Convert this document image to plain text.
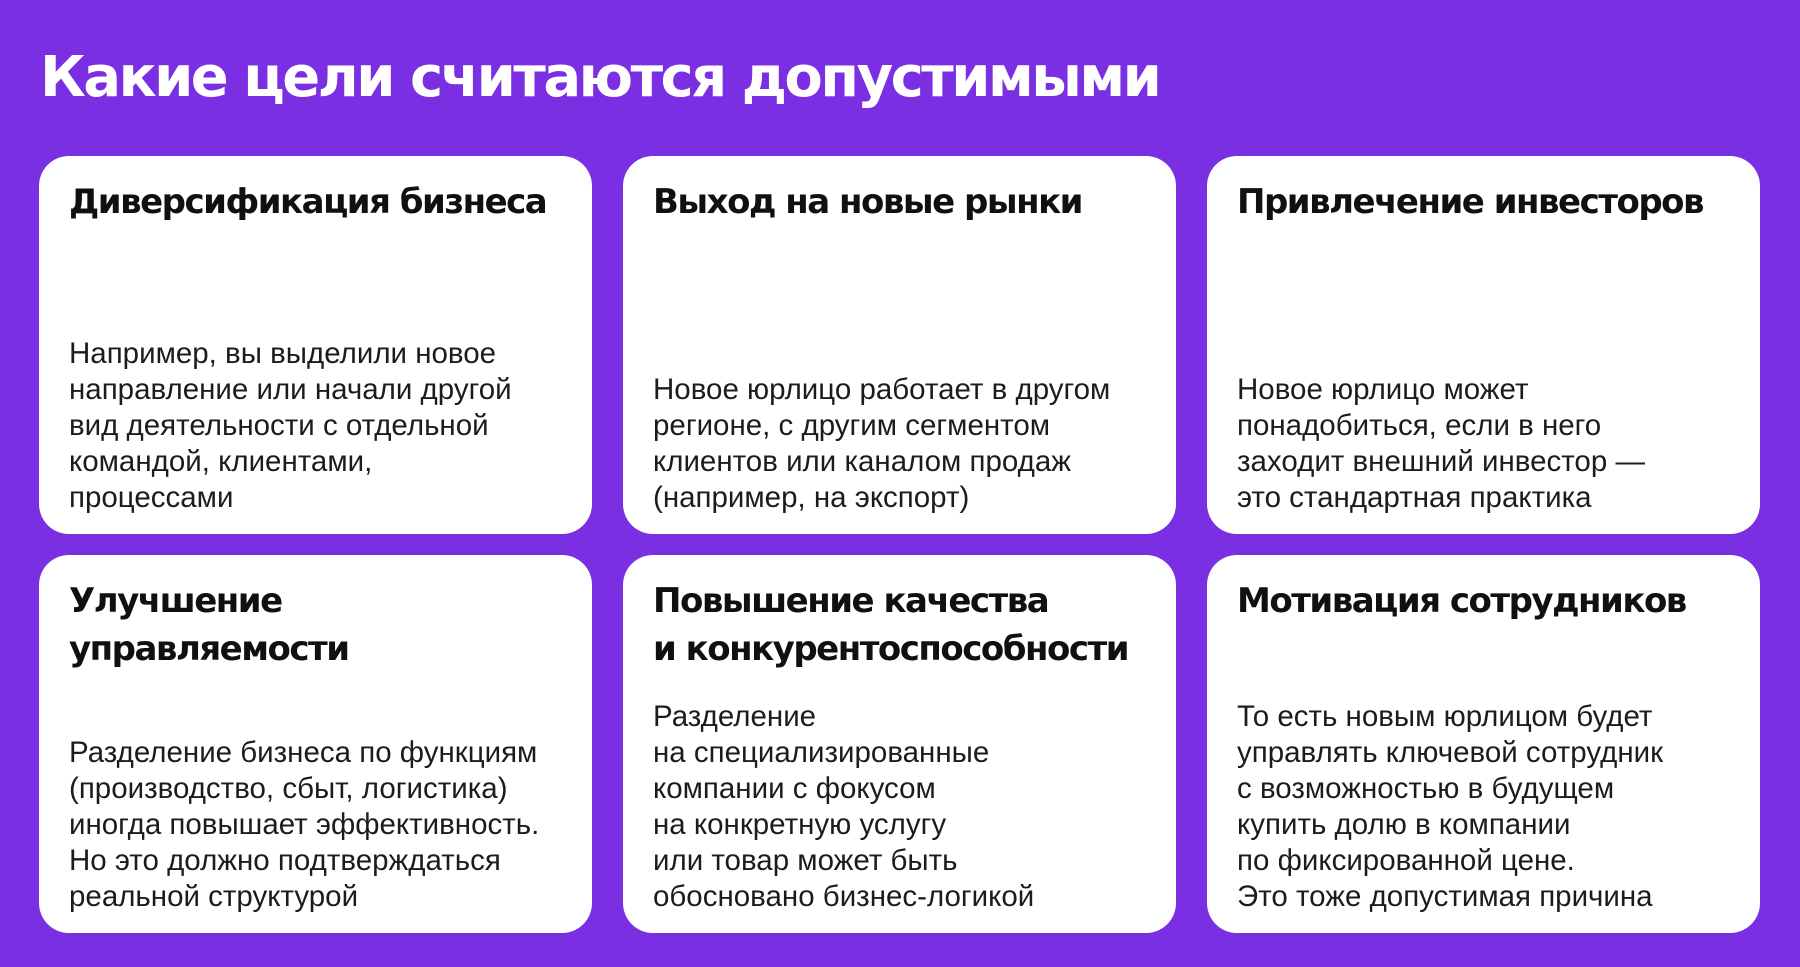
Какие цели считаются допустимыми
Диверсификация бизнеса

Например, вы выделили новое
направление или начали другой
вид деятельности с отдельной
командой, клиентами,
процессами

Выход на новые рынки

Новое юрлицо работает в другом
регионе, с другим сегментом
клиентов или каналом продаж
(например, на экспорт)

Привлечение инвесторов

Новое юрлицо может
понадобиться, если в него
заходит внешний инвестор —
это стандартная практика

Улучшение
управляемости

Разделение бизнеса по функциям
(производство, сбыт, логистика)
иногда повышает эффективность.
Но это должно подтверждаться
реальной структурой

Повышение качества
и конкурентоспособности

Разделение
на специализированные
компании с фокусом
на конкретную услугу
или товар может быть
обосновано бизнес-логикой

Мотивация сотрудников

То есть новым юрлицом будет
управлять ключевой сотрудник
с возможностью в будущем
купить долю в компании
по фиксированной цене.
Это тоже допустимая причина
